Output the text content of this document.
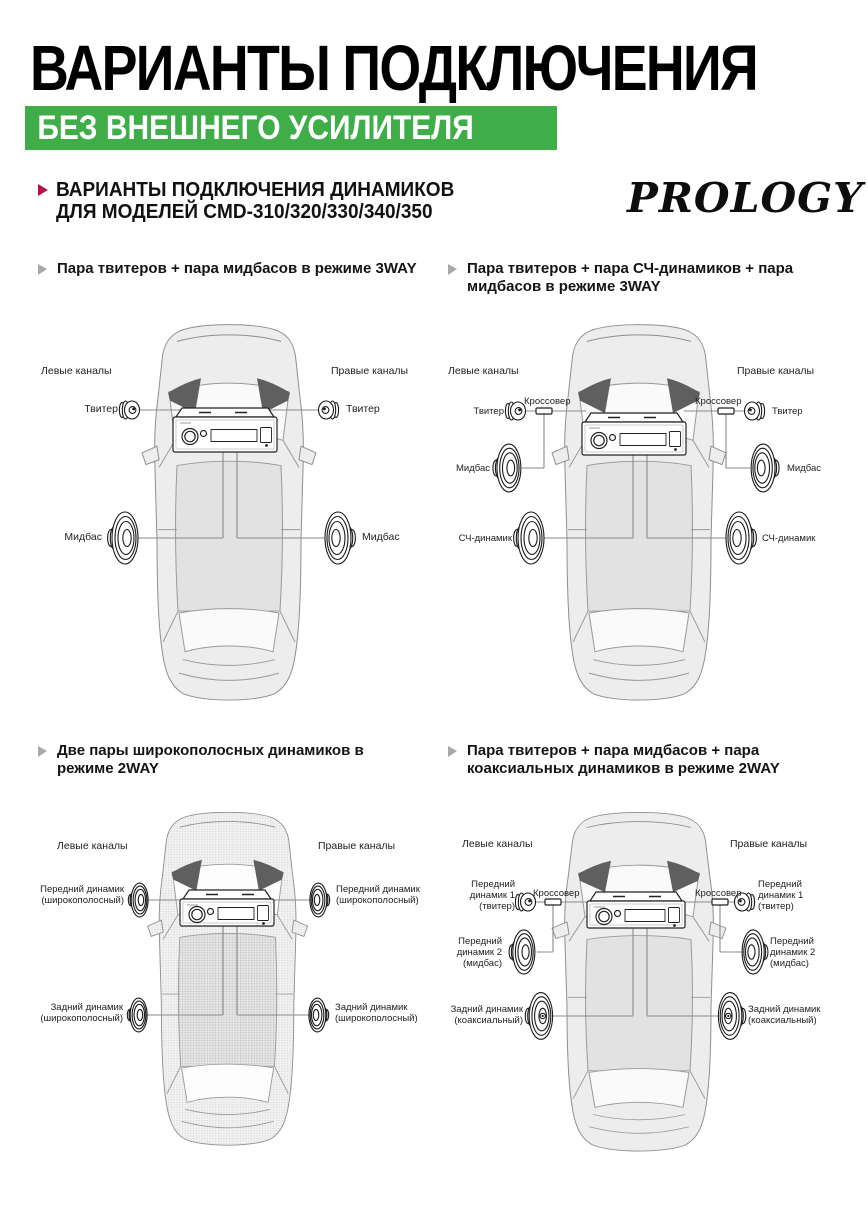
ВАРИАНТЫ ПОДКЛЮЧЕНИЯ
БЕЗ ВНЕШНЕГО УСИЛИТЕЛЯ
ВАРИАНТЫ ПОДКЛЮЧЕНИЯ ДИНАМИКОВ
ДЛЯ МОДЕЛЕЙ CMD-310/320/330/340/350	PROLOGY
Пара твитеров + пара мидбасов в режиме 3WAY
Левые каналы	Правые каналы
Твитер	Твитер
Мидбас	Мидбас
Пара твитеров + пара СЧ-динамиков + пара мидбасов в режиме 3WAY
Левые каналы	Правые каналы
Кроссовер	Кроссовер
Твитер	Твитер
Мидбас	Мидбас
СЧ-динамик	СЧ-динамик
Две пары широкополосных динамиков в режиме 2WAY
Левые каналы	Правые каналы
Передний динамик (широкополосный)
Передний динамик (широкополосный)
Задний динамик (широкополосный)
Задний динамик (широкополосный)
Пара твитеров + пара мидбасов + пара коаксиальных динамиков в режиме 2WAY
Левые каналы	Правые каналы
Передний динамик 1 (твитер)
Передний динамик 1 (твитер)
Кроссовер	Кроссовер
Передний динамик 2 (мидбас)
Передний динамик 2 (мидбас)
Задний динамик (коаксиальный)
Задний динамик (коаксиальный)
